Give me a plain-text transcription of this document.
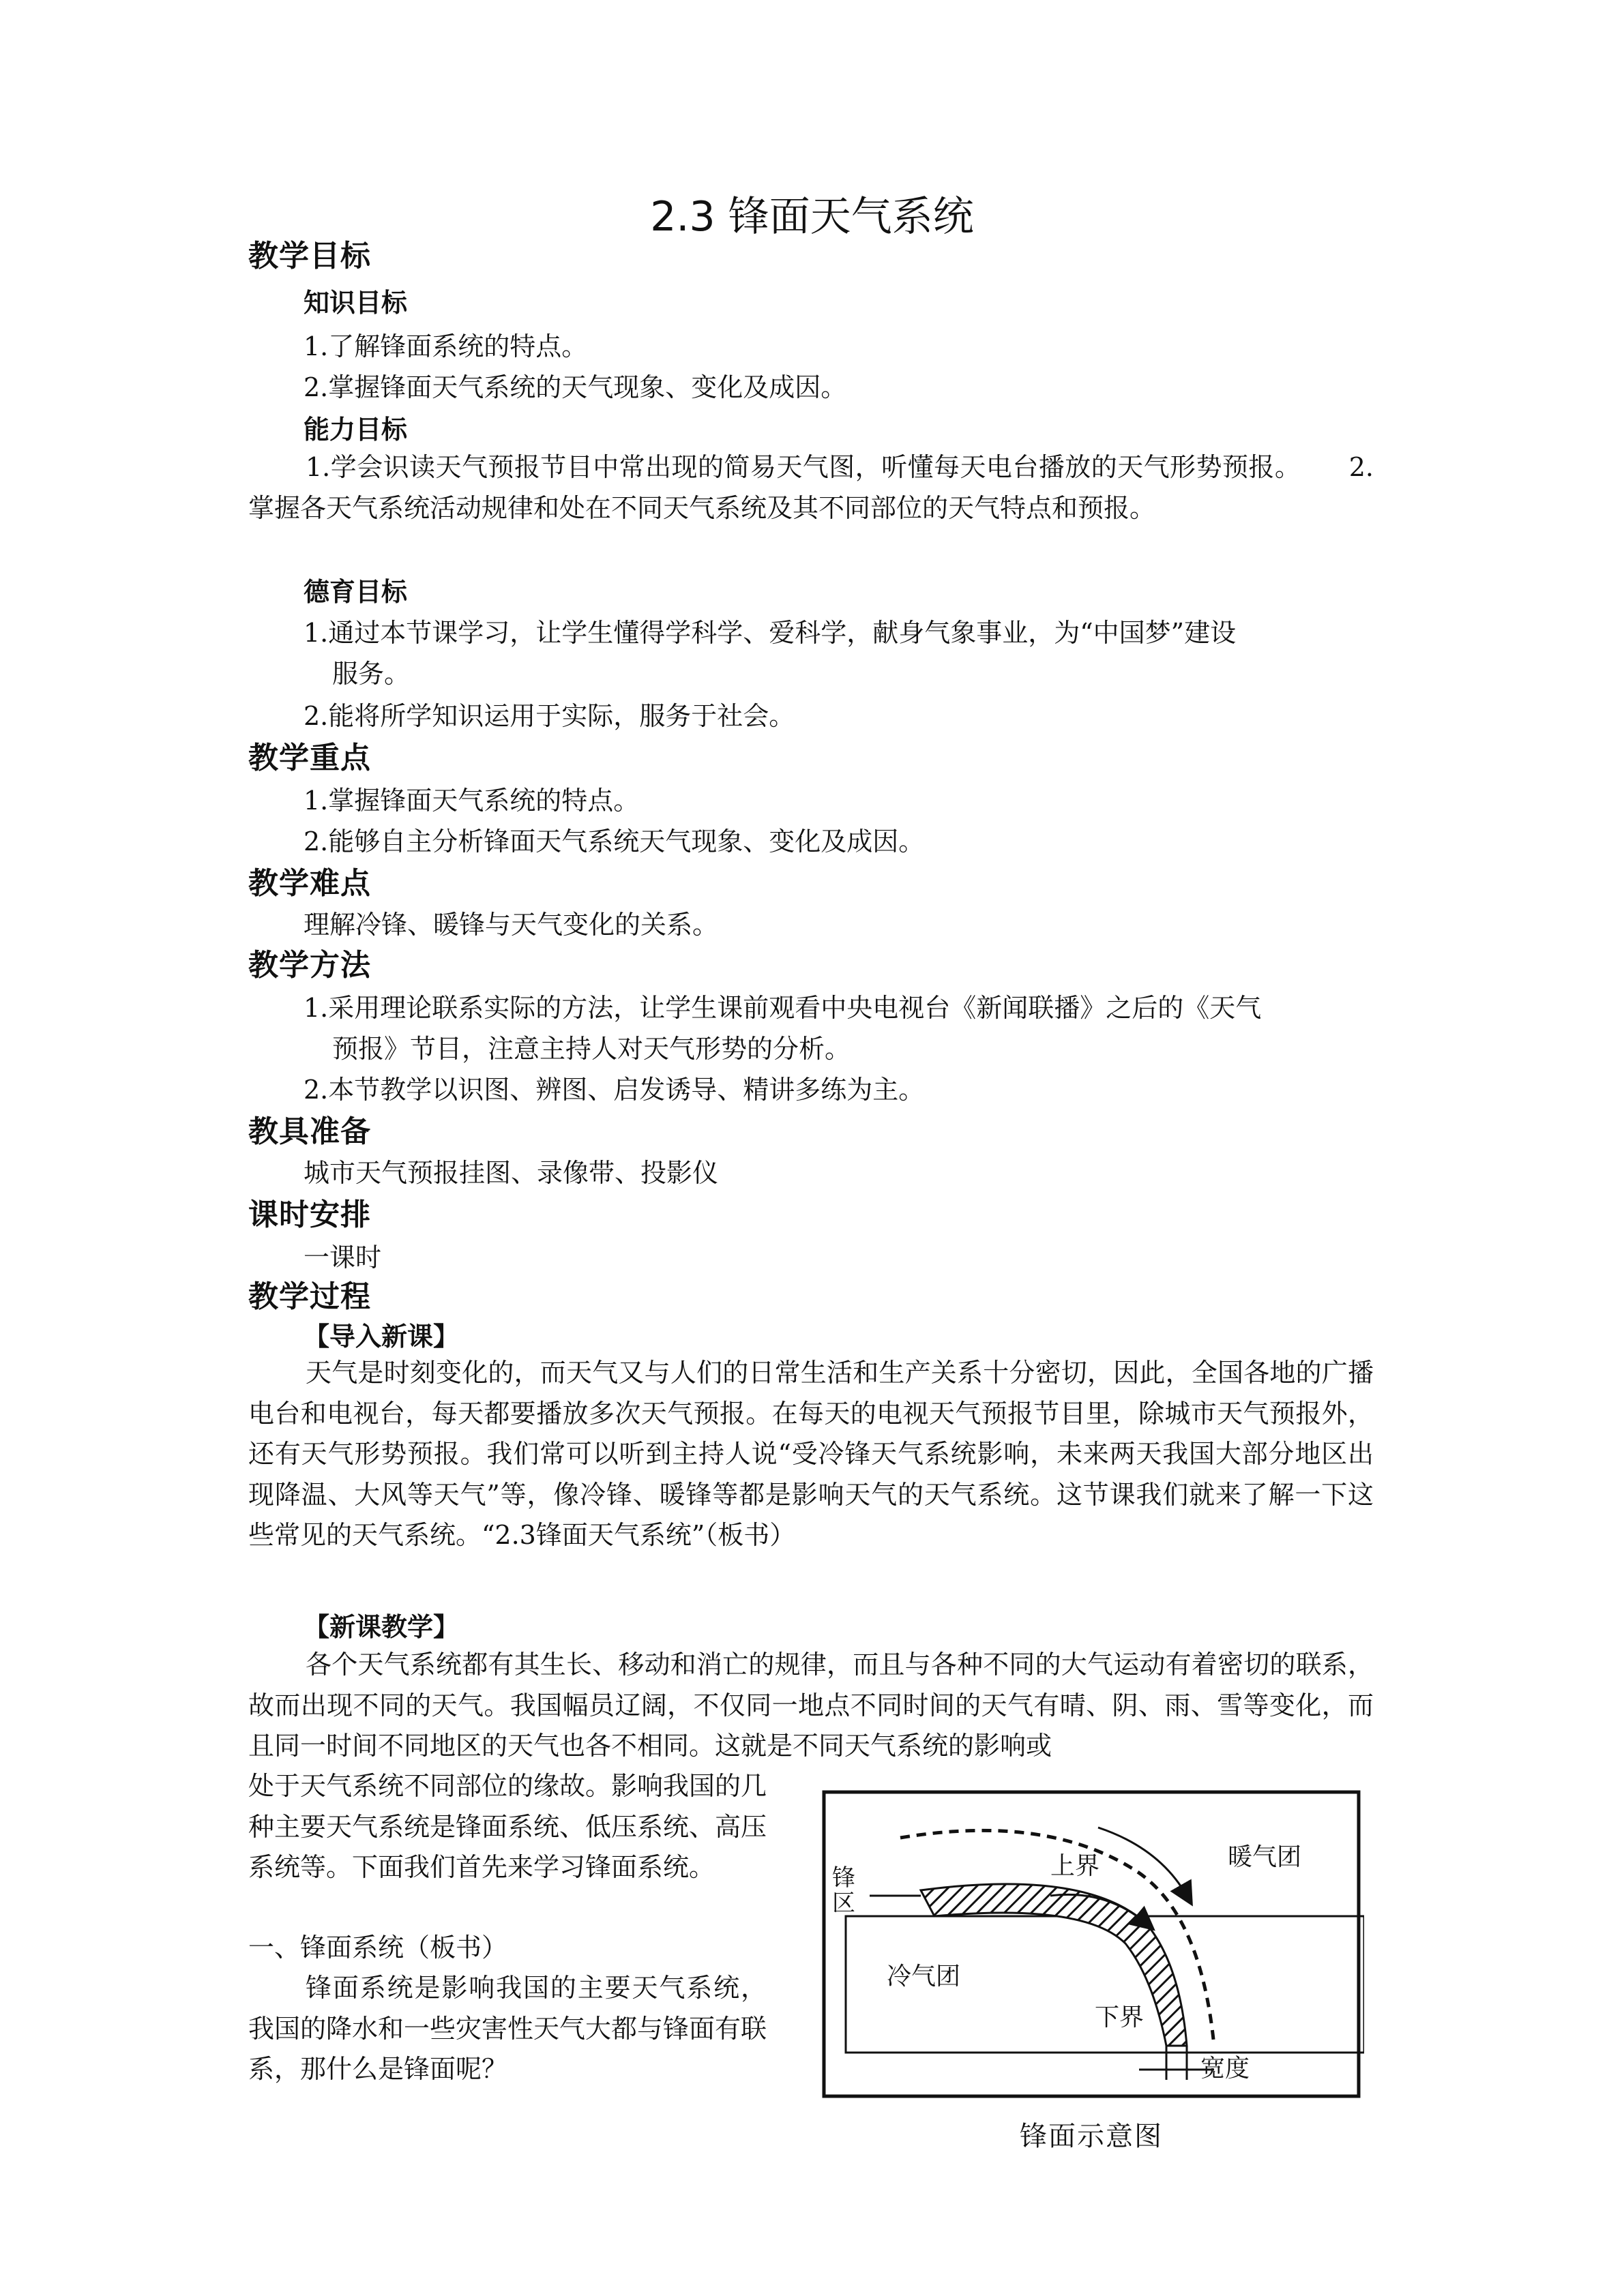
2.3 锋面天气系统
教学目标
知识目标
1.了解锋面系统的特点。
2.掌握锋面天气系统的天气现象、变化及成因。
能力目标
1.学会识读天气预报节目中常出现的简易天气图，听懂每天电台播放的天气形势预报。　　 2.掌握各天气系统活动规律和处在不同天气系统及其不同部位的天气特点和预报。
德育目标
1.通过本节课学习，让学生懂得学科学、爱科学，献身气象事业，为“中国梦”建设
服务。
2.能将所学知识运用于实际，服务于社会。
教学重点
1.掌握锋面天气系统的特点。
2.能够自主分析锋面天气系统天气现象、变化及成因。
教学难点
理解冷锋、暖锋与天气变化的关系。
教学方法
1.采用理论联系实际的方法，让学生课前观看中央电视台《新闻联播》之后的《天气
预报》节目，注意主持人对天气形势的分析。
2.本节教学以识图、辨图、启发诱导、精讲多练为主。
教具准备
城市天气预报挂图、录像带、投影仪
课时安排
一课时
教学过程
【导入新课】
天气是时刻变化的，而天气又与人们的日常生活和生产关系十分密切，因此，全国各地的广播电台和电视台，每天都要播放多次天气预报。在每天的电视天气预报节目里，除城市天气预报外，还有天气形势预报。我们常可以听到主持人说“受冷锋天气系统影响，未来两天我国大部分地区出现降温、大风等天气”等，像冷锋、暖锋等都是影响天气的天气系统。这节课我们就来了解一下这些常见的天气系统。“2.3锋面天气系统”（板书）
【新课教学】
各个天气系统都有其生长、移动和消亡的规律，而且与各种不同的大气运动有着密切的联系，故而出现不同的天气。我国幅员辽阔，不仅同一地点不同时间的天气有晴、阴、雨、雪等变化，而且同一时间不同地区的天气也各不相同。这就是不同天气系统的影响或
处于天气系统不同部位的缘故。影响我国的几种主要天气系统是锋面系统、低压系统、高压系统等。下面我们首先来学习锋面系统。
一、锋面系统（板书）
锋面系统是影响我国的主要天气系统，我国的降水和一些灾害性天气大都与锋面有联系，那什么是锋面呢？
暖气团
上界
锋
区
冷气团
下界
宽度
锋面示意图
